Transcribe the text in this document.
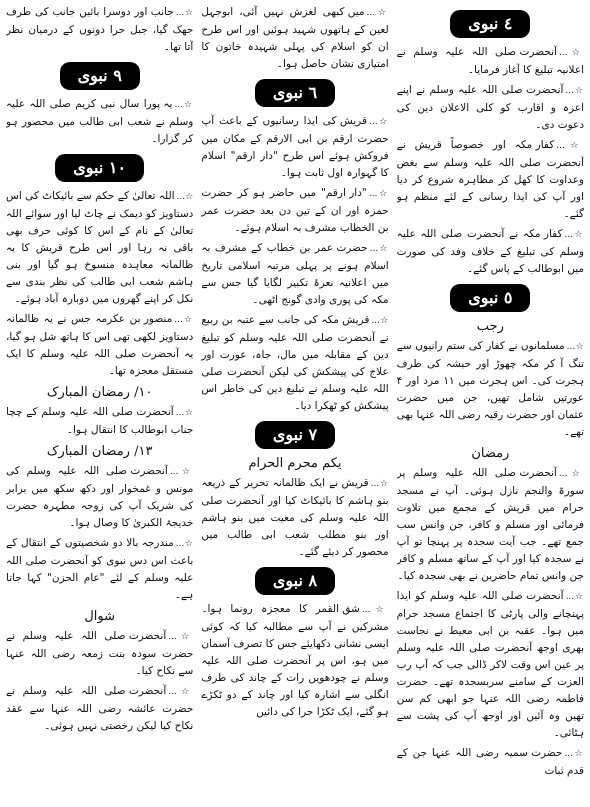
٤ نبوی

☆...آنحضرت صلی اللہ علیہ وسلم نے اعلانیہ تبلیغ کا آغاز فرمایا۔

☆...آنحضرت صلی اللہ علیہ وسلم نے اپنے اعزہ و اقارب کو کلی الاعلان دین کی دعوت دی۔

☆...کفار مکہ اور خصوصاً قریش نے آنحضرت صلی اللہ علیہ وسلم سے بغض وعداوت کا کھل کر مظاہرہ شروع کر دیا اور آپ کی ایذا رسانی کے لئے منظم ہو گئے۔

☆...کفار مکہ نے آنحضرت صلی اللہ علیہ وسلم کی تبلیغ کے خلاف وفد کی صورت میں ابوطالب کے پاس گئے۔

٥ نبوی
رجب

☆...مسلمانوں نے کفار کی ستم رانیوں سے تنگ آ کر مکہ چھوڑ اور حبشہ کی طرف ہجرت کی۔ اس ہجرت میں ۱۱ مرد اور ۴ عورتیں شامل تھیں، جن میں حضرت عثمان اور حضرت رقیہ رضی اللہ عنہا بھی تھے۔

رمضان

☆...آنحضرت صلی اللہ علیہ وسلم پر سورۃ والنجم نازل ہوئی۔ آپ نے مسجد حرام میں قریش کے مجمع میں تلاوت فرمائی اور مسلم و کافر، جن وانس سب جمع تھے۔ جب آیت سجدہ پر پہنچا تو آپ نے سجدہ کیا اور آپ کے ساتھ مسلم و کافر جن وانس تمام حاضرین نے بھی سجدہ کیا۔

☆...آنحضرت صلی اللہ علیہ وسلم کو ایذا پہنچانے والی پارٹی کا اجتماع مسجد حرام میں ہوا۔ عقبہ بن ابی معیط نے نجاست بھری اوجھ آنحضرت صلی اللہ علیہ وسلم پر عین اس وقت لاکر ڈالی جب کہ آپ رب العزت کے سامنے سربسجدہ تھے۔ حضرت فاطمہ رضی اللہ عنہا جو ابھی کم سن تھیں وہ آئیں اور اوجھ آپ کی پشت سے ہٹائی۔

☆...حضرت سمیہ رضی اللہ عنہا جن کے قدم ثبات

☆...میں کبھی لغزش نہیں آئی، ابوجہل لعین کے ہاتھوں شہید ہوئیں اور اس طرح ان کو اسلام کی پہلی شہیدہ خاتون کا امتیازی نشان حاصل ہوا۔

٦ نبوی

☆...قریش کی ایذا رسانیوں کے باعث آپ حضرت ارقم بن ابی الارقم کے مکان میں فروکش ہوئے اس طرح "دار ارقم" اسلام کا گہوارہ اول ثابت ہوا۔

☆..."دار ارقم" میں حاضر ہو کر حضرت حمزہ اور ان کے تین دن بعد حضرت عمر بن الخطاب مشرف بہ اسلام ہوئے۔

☆...حضرت عمر بن خطاب کے مشرف بہ اسلام ہونے پر پہلی مرتبہ اسلامی تاریخ میں اعلانیہ نعرۂ تکبیر لگایا گیا جس سے مکہ کی پوری وادی گونج اٹھی۔

☆...قریش مکہ کی جانب سے عتبہ بن ربیع نے آنحضرت صلی اللہ علیہ وسلم کو تبلیغ دین کے مقابلہ میں مال، جاہ، عورت اور علاج کی پیشکش کی لیکن آنحضرت صلی اللہ علیہ وسلم نے تبلیغ دین کی خاطر اس پیشکش کو ٹھکرا دیا۔

٧ نبوی
یکم محرم الحرام

☆...قریش نے ایک ظالمانہ تحریر کے ذریعہ بنو ہاشم کا بائیکاٹ کیا اور آنحضرت صلی اللہ علیہ وسلم کی معیت میں بنو ہاشم اور بنو مطلب شعب ابی طالب میں محصور کر دیئے گئے۔

٨ نبوی

☆...شق القمر کا معجزہ رونما ہوا۔ مشرکین نے آپ سے مطالبہ کیا کہ کوئی ایسی نشانی دکھایئے جس کا تصرف آسمان میں ہو، اس پر آنحضرت صلی اللہ علیہ وسلم نے چودھویں رات کے چاند کی طرف انگلی سے اشارہ کیا اور چاند کے دو ٹکڑے ہو گئے، ایک ٹکڑا حرا کی دائیں

☆...جانب اور دوسرا بائیں جانب کی طرف جھک گیا، جبل حرا دونوں کے درمیان نظر آتا تھا۔

٩ نبوی

☆...یہ پورا سال نبی کریم صلی اللہ علیہ وسلم نے شعب ابی طالب میں محصور ہو کر گزارا۔

١٠ نبوی

☆...اللہ تعالیٰ کے حکم سے بائیکاٹ کی اس دستاویز کو دیمک نے چاٹ لیا اور سوائے اللہ تعالیٰ کے نام کے اس کا کوئی حرف بھی باقی نہ رہا اور اس طرح قریش کا یہ ظالمانہ معاہدہ منسوخ ہو گیا اور بنی ہاشم شعب ابی طالب کی نظر بندی سے نکل کر اپنے گھروں میں دوبارہ آباد ہوئے۔

☆...منصور بن عکرمہ جس نے یہ ظالمانہ دستاویز لکھی تھی اس کا ہاتھ شل ہو گیا، یہ آنحضرت صلی اللہ علیہ وسلم کا ایک مستقل معجزہ تھا۔

۱۰/ رمضان المبارک

☆...آنحضرت صلی اللہ علیہ وسلم کے چچا جناب ابوطالب کا انتقال ہوا۔

۱۳/ رمضان المبارک

☆...آنحضرت صلی اللہ علیہ وسلم کی مونس و غمخوار اور دکھ سکھ میں برابر کی شریک آپ کی زوجہ مطہرہ حضرت خدیجۃ الکبریٰ کا وصال ہوا۔

☆...مندرجہ بالا دو شخصیتوں کے انتقال کے باعث اس دس نبوی کو آنحضرت صلی اللہ علیہ وسلم کے لئے "عام الحزن" کہا جاتا ہے۔

شوال

☆...آنحضرت صلی اللہ علیہ وسلم نے حضرت سودہ بنت زمعہ رضی اللہ عنہا سے نکاح کیا۔

☆...آنحضرت صلی اللہ علیہ وسلم نے حضرت عائشہ رضی اللہ عنہا سے عقد نکاح کیا لیکن رخصتی نہیں ہوئی۔
